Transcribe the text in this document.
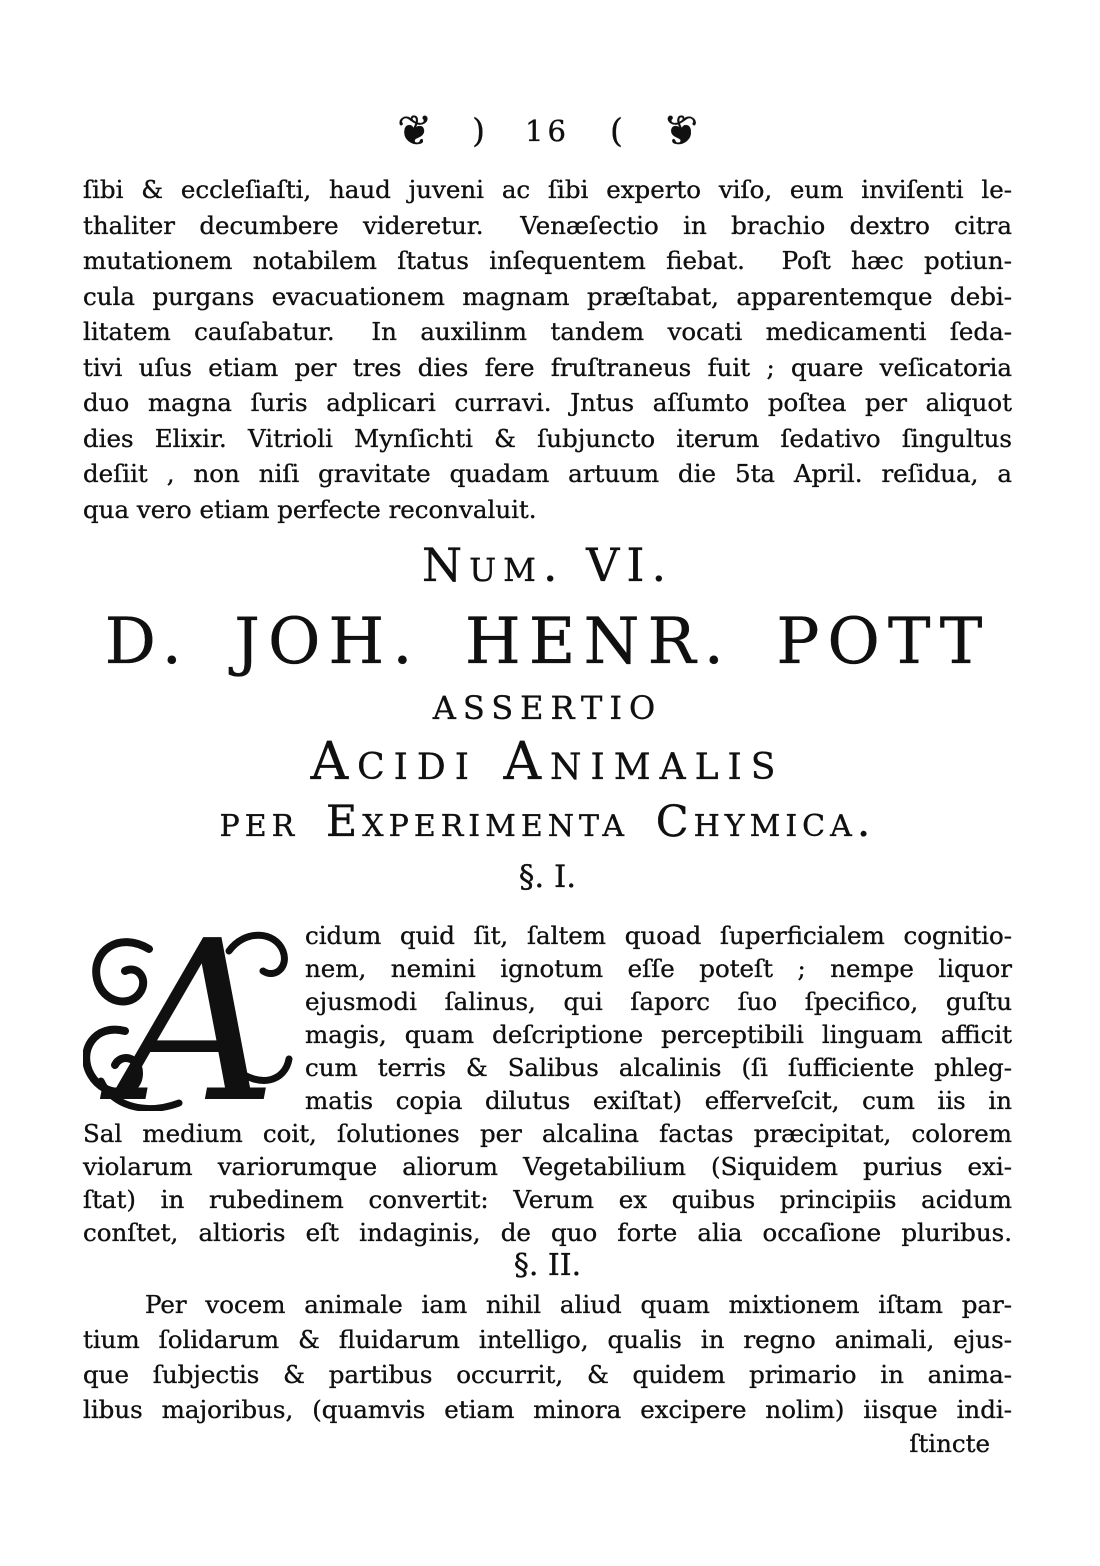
❦ ) 16 ( ❦
ſibi & eccleſiaſti, haud juveni ac ſibi experto viſo, eum inviſenti le-
thaliter decumbere videretur.  Venæſectio in brachio dextro citra
mutationem notabilem ſtatus inſequentem fiebat.  Poſt hæc potiun-
cula purgans evacuationem magnam præſtabat, apparentemque debi-
litatem cauſabatur.  In auxilinm tandem vocati medicamenti ſeda-
tivi uſus etiam per tres dies fere fruſtraneus fuit ; quare veſicatoria
duo magna ſuris adplicari curravi. Jntus aſſumto poſtea per aliquot
dies Elixir. Vitrioli Mynſichti & ſubjuncto iterum ſedativo ſingultus
deſiit , non niſi gravitate quadam artuum die 5ta April. reſidua, a
qua vero etiam perfecte reconvaluit.
Num. VI.
D. JOH. HENR. POTT
ASSERTIO
Acidi Animalis
per Experimenta Chymica.
§. I.
A	cidum quid ſit, ſaltem quoad ſuperficialem cognitio-
nem, nemini ignotum eſſe poteſt ; nempe liquor
ejusmodi ſalinus, qui ſaporc ſuo ſpecifico, guſtu
magis, quam deſcriptione perceptibili linguam afficit
cum terris & Salibus alcalinis (ſi ſufficiente phleg-
matis copia dilutus exiſtat) efferveſcit, cum iis in
Sal medium coit, ſolutiones per alcalina factas præcipitat, colorem
violarum variorumque aliorum Vegetabilium (Siquidem purius exi-
ſtat) in rubedinem convertit: Verum ex quibus principiis acidum
conſtet, altioris eſt indaginis, de quo forte alia occaſione pluribus.
§. II.
Per vocem animale iam nihil aliud quam mixtionem iſtam par-
tium ſolidarum & fluidarum intelligo, qualis in regno animali, ejus-
que ſubjectis & partibus occurrit, & quidem primario in anima-
libus majoribus, (quamvis etiam minora excipere nolim) iisque indi-
ſtincte
